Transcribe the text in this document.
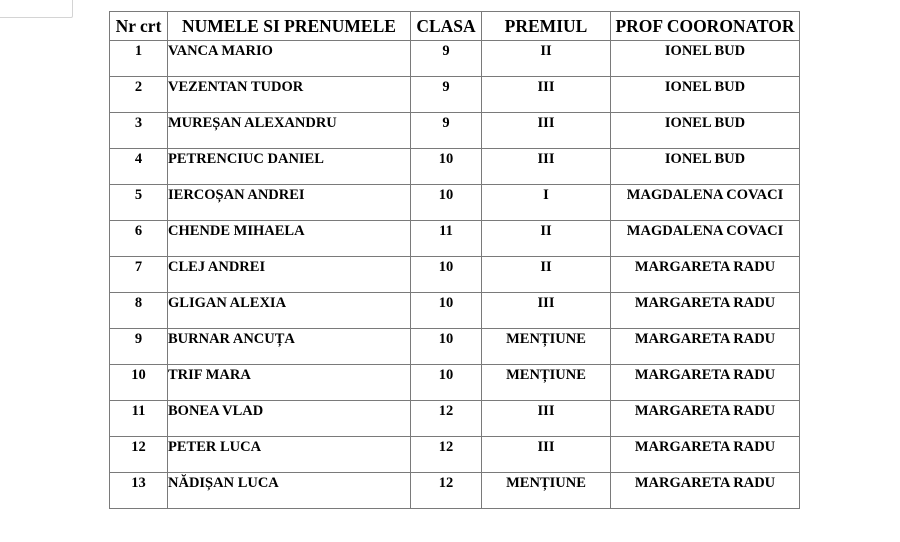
Nr crt	NUMELE SI PRENUMELE	CLASA	PREMIUL	PROF COORONATOR
1	VANCA MARIO	9	II	IONEL BUD
2	VEZENTAN TUDOR	9	III	IONEL BUD
3	MUREȘAN ALEXANDRU	9	III	IONEL BUD
4	PETRENCIUC DANIEL	10	III	IONEL BUD
5	IERCOȘAN ANDREI	10	I	MAGDALENA COVACI
6	CHENDE MIHAELA	11	II	MAGDALENA COVACI
7	CLEJ ANDREI	10	II	MARGARETA RADU
8	GLIGAN ALEXIA	10	III	MARGARETA RADU
9	BURNAR ANCUȚA	10	MENȚIUNE	MARGARETA RADU
10	TRIF MARA	10	MENȚIUNE	MARGARETA RADU
11	BONEA VLAD	12	III	MARGARETA RADU
12	PETER LUCA	12	III	MARGARETA RADU
13	NĂDIȘAN LUCA	12	MENȚIUNE	MARGARETA RADU
